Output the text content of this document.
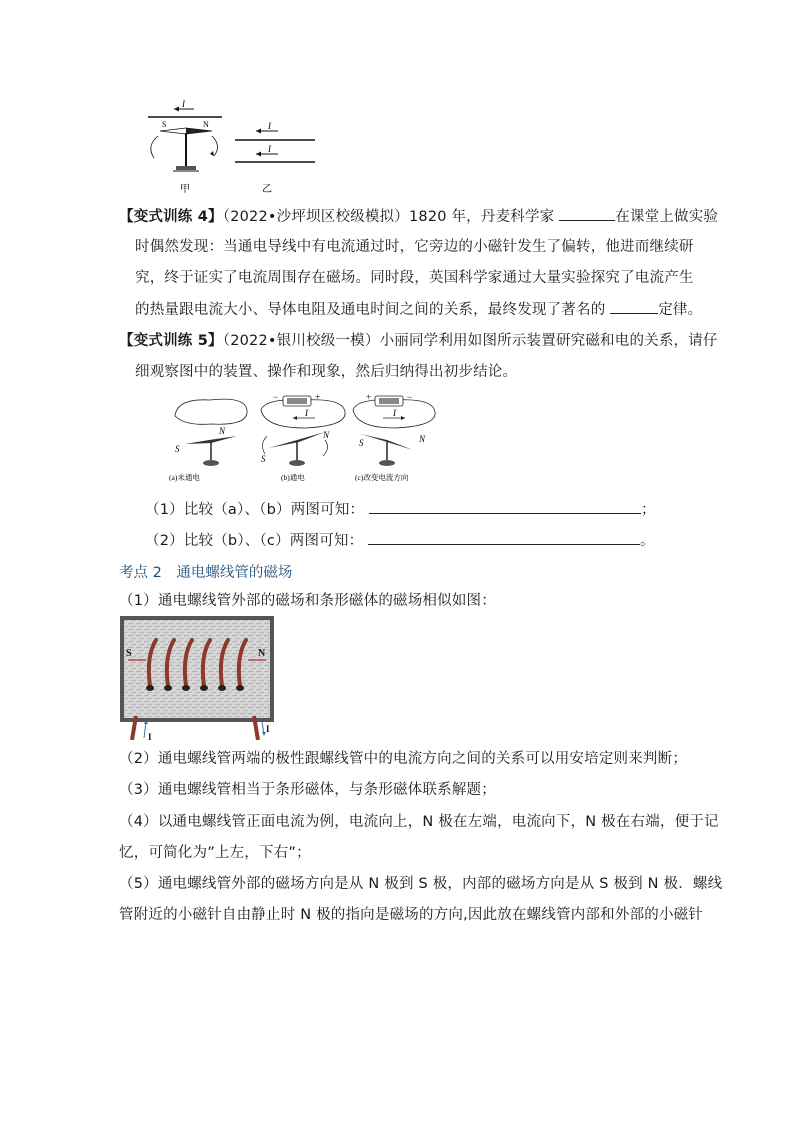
I
S	N
甲
I
I
乙
【变式训练 4】（2022•沙坪坝区校级模拟）1820 年，丹麦科学家	在课堂上做实验
时偶然发现：当通电导线中有电流通过时，它旁边的小磁针发生了偏转，他进而继续研
究，终于证实了电流周围存在磁场。同时段，英国科学家通过大量实验探究了电流产生
的热量跟电流大小、导体电阻及通电时间之间的关系，最终发现了著名的	定律。
【变式训练 5】（2022•银川校级一模）小丽同学利用如图所示装置研究磁和电的关系，请仔
细观察图中的装置、操作和现象，然后归纳得出初步结论。
S
N
(a)未通电
−	+
I
S
N
(b)通电
+	−
I
S	N
(c)改变电流方向
（1）比较（a）、（b）两图可知：	；
（2）比较（b）、（c）两图可知：	。
考点 2　通电螺线管的磁场
（1）通电螺线管外部的磁场和条形磁体的磁场相似如图：
S	N
I
I
（2）通电螺线管两端的极性跟螺线管中的电流方向之间的关系可以用安培定则来判断；
（3）通电螺线管相当于条形磁体，与条形磁体联系解题；
（4）以通电螺线管正面电流为例，电流向上，N 极在左端，电流向下，N 极在右端，便于记
忆，可简化为”上左，下右”；
（5）通电螺线管外部的磁场方向是从 N 极到 S 极，内部的磁场方向是从 S 极到 N 极．螺线
管附近的小磁针自由静止时 N 极的指向是磁场的方向,因此放在螺线管内部和外部的小磁针
